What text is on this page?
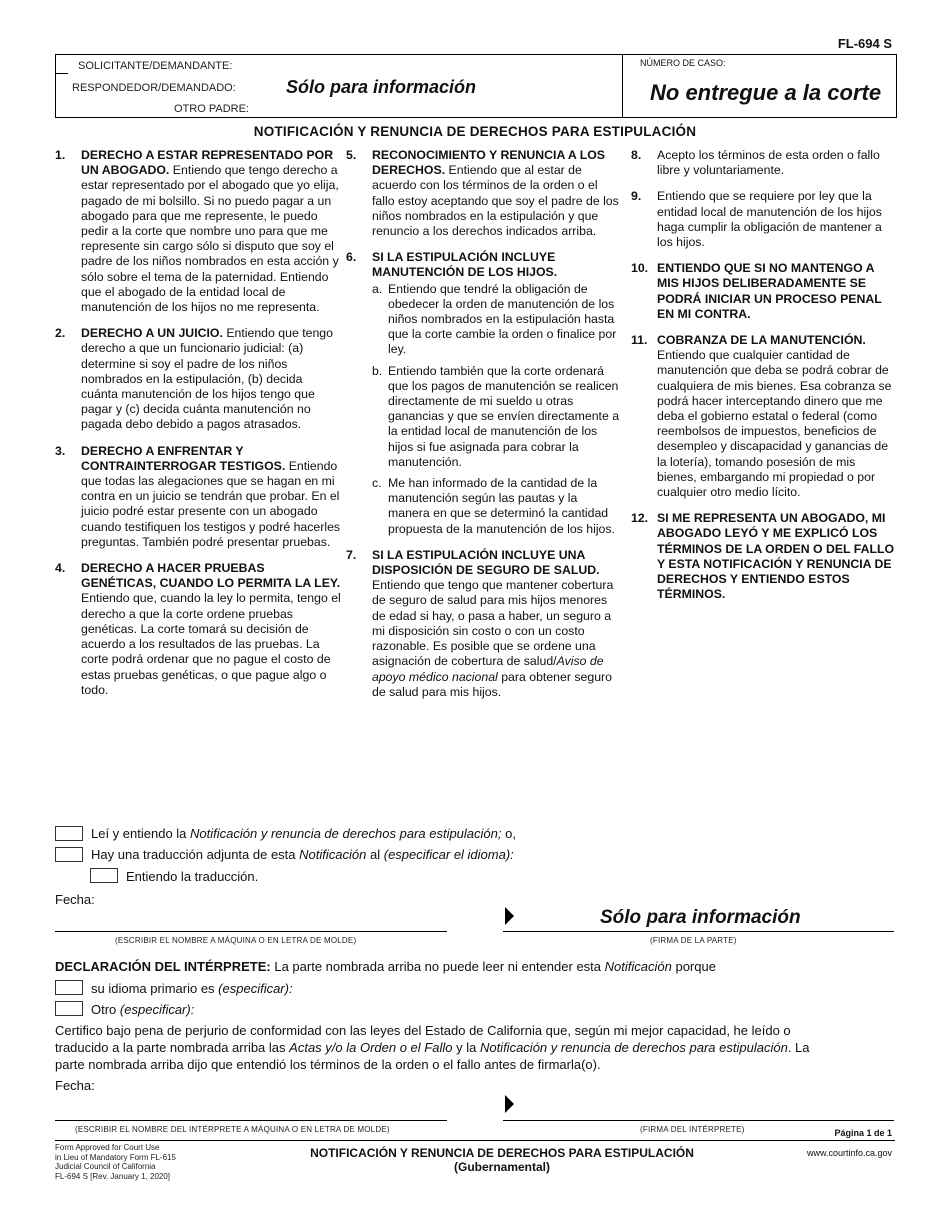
FL-694 S
SOLICITANTE/DEMANDANTE:
RESPONDEDOR/DEMANDADO:
OTRO PADRE:
Sólo para información
NÚMERO DE CASO:
No entregue a la corte
NOTIFICACIÓN Y RENUNCIA DE DERECHOS PARA ESTIPULACIÓN
1. DERECHO A ESTAR REPRESENTADO POR UN ABOGADO. Entiendo que tengo derecho a estar representado por el abogado que yo elija, pagado de mi bolsillo. Si no puedo pagar a un abogado para que me represente, le puedo pedir a la corte que nombre uno para que me represente sin cargo sólo si disputo que soy el padre de los niños nombrados en esta acción y sólo sobre el tema de la paternidad. Entiendo que el abogado de la entidad local de manutención de los hijos no me representa.
2. DERECHO A UN JUICIO. Entiendo que tengo derecho a que un funcionario judicial: (a) determine si soy el padre de los niños nombrados en la estipulación, (b) decida cuánta manutención de los hijos tengo que pagar y (c) decida cuánta manutención no pagada debo debido a pagos atrasados.
3. DERECHO A ENFRENTAR Y CONTRAINTERROGAR TESTIGOS. Entiendo que todas las alegaciones que se hagan en mi contra en un juicio se tendrán que probar. En el juicio podré estar presente con un abogado cuando testifiquen los testigos y podré hacerles preguntas. También podré presentar pruebas.
4. DERECHO A HACER PRUEBAS GENÉTICAS, CUANDO LO PERMITA LA LEY. Entiendo que, cuando la ley lo permita, tengo el derecho a que la corte ordene pruebas genéticas. La corte tomará su decisión de acuerdo a los resultados de las pruebas. La corte podrá ordenar que no pague el costo de estas pruebas genéticas, o que pague algo o todo.
5. RECONOCIMIENTO Y RENUNCIA A LOS DERECHOS. Entiendo que al estar de acuerdo con los términos de la orden o el fallo estoy aceptando que soy el padre de los niños nombrados en la estipulación y que renuncio a los derechos indicados arriba.
6. SI LA ESTIPULACIÓN INCLUYE MANUTENCIÓN DE LOS HIJOS.
a. Entiendo que tendré la obligación de obedecer la orden de manutención de los niños nombrados en la estipulación hasta que la corte cambie la orden o finalice por ley.
b. Entiendo también que la corte ordenará que los pagos de manutención se realicen directamente de mi sueldo u otras ganancias y que se envíen directamente a la entidad local de manutención de los hijos si fue asignada para cobrar la manutención.
c. Me han informado de la cantidad de la manutención según las pautas y la manera en que se determinó la cantidad propuesta de la manutención de los hijos.
7. SI LA ESTIPULACIÓN INCLUYE UNA DISPOSICIÓN DE SEGURO DE SALUD. Entiendo que tengo que mantener cobertura de seguro de salud para mis hijos menores de edad si hay, o pasa a haber, un seguro a mi disposición sin costo o con un costo razonable. Es posible que se ordene una asignación de cobertura de salud/Aviso de apoyo médico nacional para obtener seguro de salud para mis hijos.
8. Acepto los términos de esta orden o fallo libre y voluntariamente.
9. Entiendo que se requiere por ley que la entidad local de manutención de los hijos haga cumplir la obligación de mantener a los hijos.
10. ENTIENDO QUE SI NO MANTENGO A MIS HIJOS DELIBERADAMENTE SE PODRÁ INICIAR UN PROCESO PENAL EN MI CONTRA.
11. COBRANZA DE LA MANUTENCIÓN. Entiendo que cualquier cantidad de manutención que deba se podrá cobrar de cualquiera de mis bienes. Esa cobranza se podrá hacer interceptando dinero que me deba el gobierno estatal o federal (como reembolsos de impuestos, beneficios de desempleo y discapacidad y ganancias de la lotería), tomando posesión de mis bienes, embargando mi propiedad o por cualquier otro medio lícito.
12. SI ME REPRESENTA UN ABOGADO, MI ABOGADO LEYÓ Y ME EXPLICÓ LOS TÉRMINOS DE LA ORDEN O DEL FALLO Y ESTA NOTIFICACIÓN Y RENUNCIA DE DERECHOS Y ENTIENDO ESTOS TÉRMINOS.
Leí y entiendo la Notificación y renuncia de derechos para estipulación; o,
Hay una traducción adjunta de esta Notificación al (especificar el idioma):
Entiendo la traducción.
Fecha:
Sólo para información
(ESCRIBIR EL NOMBRE A MÁQUINA O EN LETRA DE MOLDE)	(FIRMA DE LA PARTE)
DECLARACIÓN DEL INTÉRPRETE: La parte nombrada arriba no puede leer ni entender esta Notificación porque
su idioma primario es (especificar):
Otro (especificar):
Certifico bajo pena de perjurio de conformidad con las leyes del Estado de California que, según mi mejor capacidad, he leído o
traducido a la parte nombrada arriba las Actas y/o la Orden o el Fallo y la Notificación y renuncia de derechos para estipulación. La
parte nombrada arriba dijo que entendió los términos de la orden o el fallo antes de firmarla(o).
Fecha:
(ESCRIBIR EL NOMBRE DEL INTÉRPRETE A MÁQUINA O EN LETRA DE MOLDE)	(FIRMA DEL INTÉRPRETE)	Página 1 de 1
Form Approved for Court Use
in Lieu of Mandatory Form FL-615
Judicial Council of California
FL-694 S [Rev. January 1, 2020]
NOTIFICACIÓN Y RENUNCIA DE DERECHOS PARA ESTIPULACIÓN
(Gubernamental)
www.courtinfo.ca.gov
